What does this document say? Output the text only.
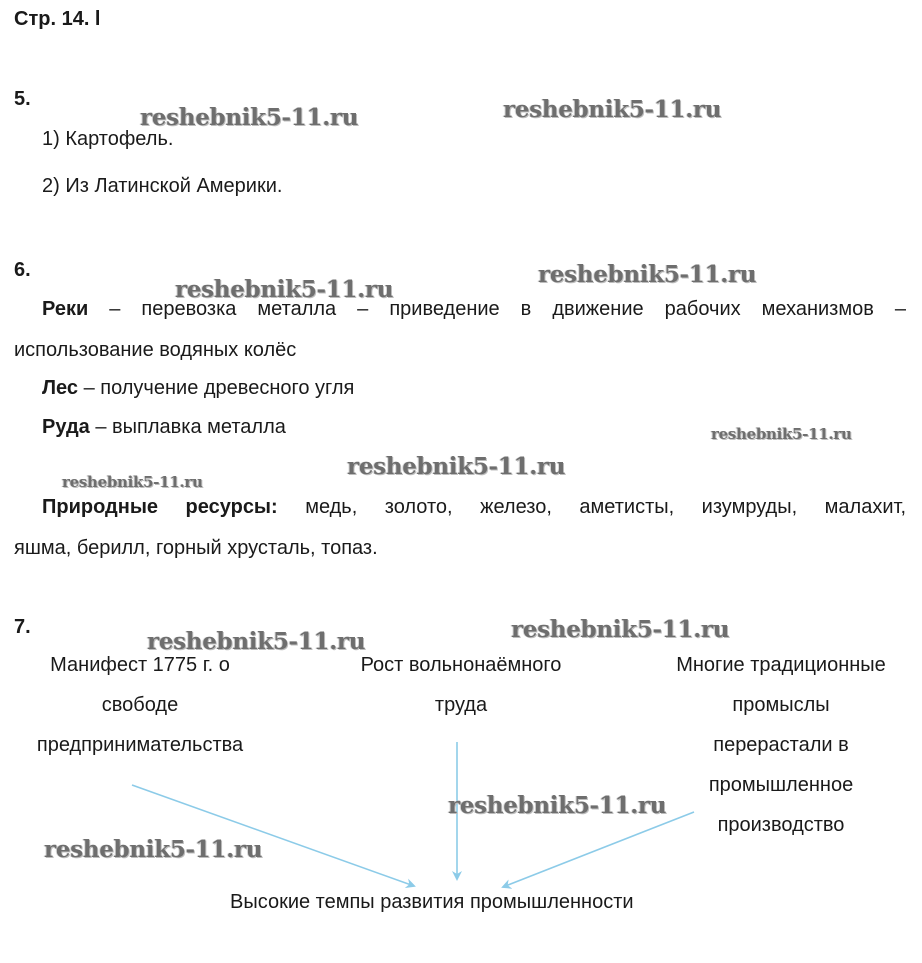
Стр. 14. l
5.
1) Картофель.
2) Из Латинской Америки.
6.
Реки – перевозка металла – приведение в движение рабочих механизмов –
использование водяных колёс
Лес – получение древесного угля
Руда – выплавка металла
Природные ресурсы: медь, золото, железо, аметисты, изумруды, малахит,
яшма, берилл, горный хрусталь, топаз.
7.
Манифест 1775 г. о
свободе
предпринимательства
Рост вольнонаёмного
труда
Многие традиционные
промыслы
перерастали в
промышленное
производство
Высокие темпы развития промышленности
reshebnik5-11.ru	reshebnik5-11.ru
reshebnik5-11.ru
reshebnik5-11.ru
reshebnik5-11.ru
reshebnik5-11.ru
reshebnik5-11.ru
reshebnik5-11.ru
reshebnik5-11.ru
reshebnik5-11.ru
reshebnik5-11.ru
